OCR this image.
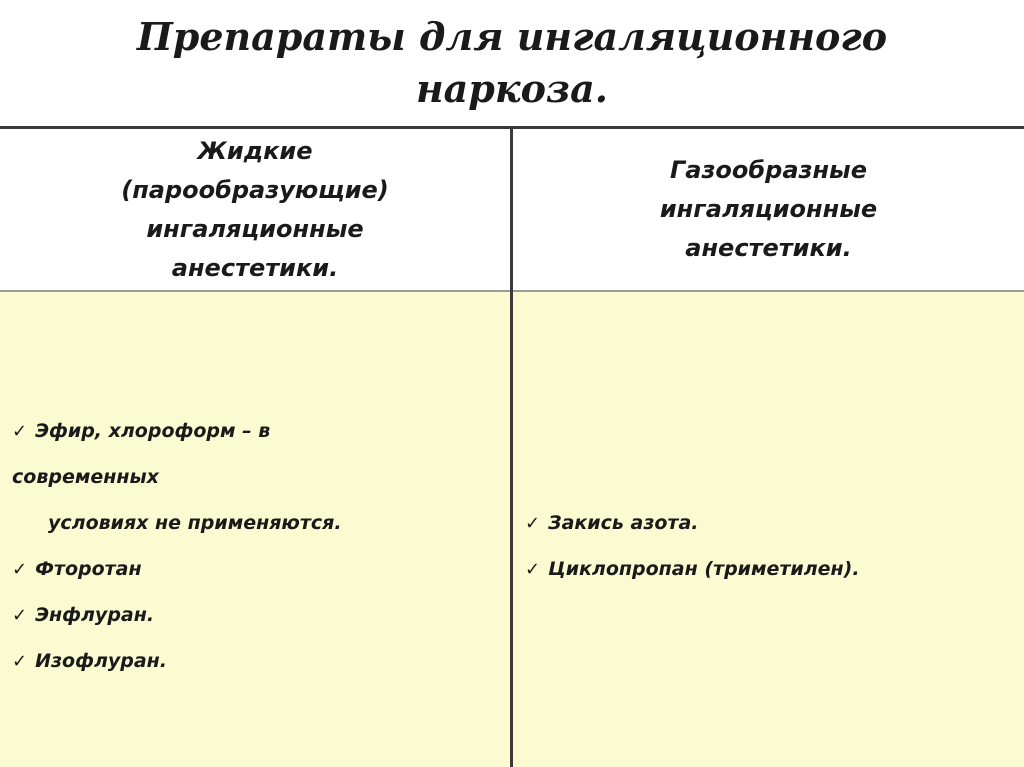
Препараты для ингаляционного
наркоза.
Жидкие
(парообразующие)
ингаляционные
анестетики.
Газообразные
ингаляционные
анестетики.
✓ Эфир, хлороформ – в
современных
условиях не применяются.
✓ Фторотан
✓ Энфлуран.
✓ Изофлуран.
✓ Закись азота.
✓ Циклопропан (триметилен).
